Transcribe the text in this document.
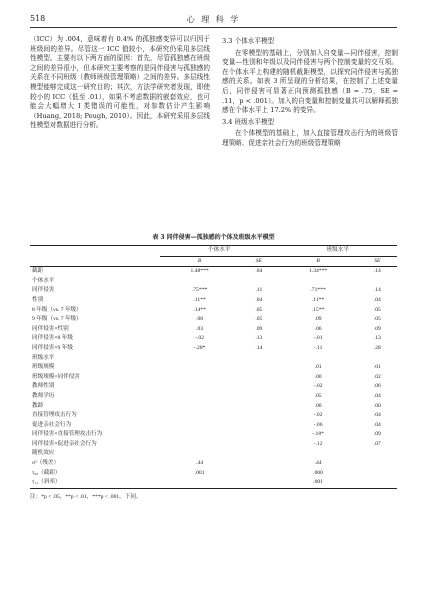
518	心 理 科 学

（ICC）为 .004，意味着有 0.4% 的孤独感变异可以归因于班级间的差异。尽管这一 ICC 值较小，本研究仍采用多层线性模型。主要有以下两方面的原因：首先，尽管孤独感在班级之间的差异很小，但本研究主要考察的是同伴侵害与孤独感的关系在不同班级（教师班级管理策略）之间的差异。多层线性模型能够完成这一研究目的；其次，方法学研究者发现，即使较小的 ICC（低至 .01），如果不考虑数据的嵌套效应，也可能会大幅增大 I 类错误的可能性，对参数估计产生影响（Huang, 2018; Peugh, 2010）。因此，本研究采用多层线性模型对数据进行分析。

3.3 个体水平模型

在零模型的基础上，分别加入自变量—同伴侵害，控制变量—性别和年级以及同伴侵害与两个控制变量的交互项。在个体水平上构建的随机截距模型，以探究同伴侵害与孤独感的关系。如表 3 所呈现的分析结果，在控制了上述变量后，同伴侵害可显著正向预测孤独感（B = .75，SE = .11，p < .001）。加入的自变量和控制变量共可以解释孤独感在个体水平上 17.2% 的变异。

3.4 班级水平模型

在个体模型的基础上，加入直接管理攻击行为的班级管理策略、促进亲社会行为的班级管理策略

表 3 同伴侵害—孤独感的个体及班级水平模型

	个体水平		班级水平	
	B	SE	B	SE

截距	1.48***	.04	1.34***	.14
个体水平				
同伴侵害	.75***	.11	.71***	.14
性别	.11**	.04	.11**	.04
8 年级（vs. 7 年级）	.14**	.05	.15**	.05
9 年级（vs. 7 年级）	.08	.05	.09	.05
同伴侵害×性别	.03	.09	.06	.09
同伴侵害×8 年级	-.02	.13	-.01	.13
同伴侵害×9 年级	-.28*	.14	-.11	.28
班级水平				
班级规模			.01	.01
班级规模×同伴侵害			.00	.02
教师性别			-.02	.06
教师学历			.05	.04
教龄			.00	.00
直接管理攻击行为			-.02	.04
促进亲社会行为			-.06	.04
同伴侵害×直接管理攻击行为			-.18*	.09
同伴侵害×促进亲社会行为			-.12	.07
随机效应				
σ²（残差）	.44		.44	
τ₀₀（截距）	.001		.000	
τ₁₁（斜率）			.001	

注：*p < .05，**p < .01，***p < .001，下同。
